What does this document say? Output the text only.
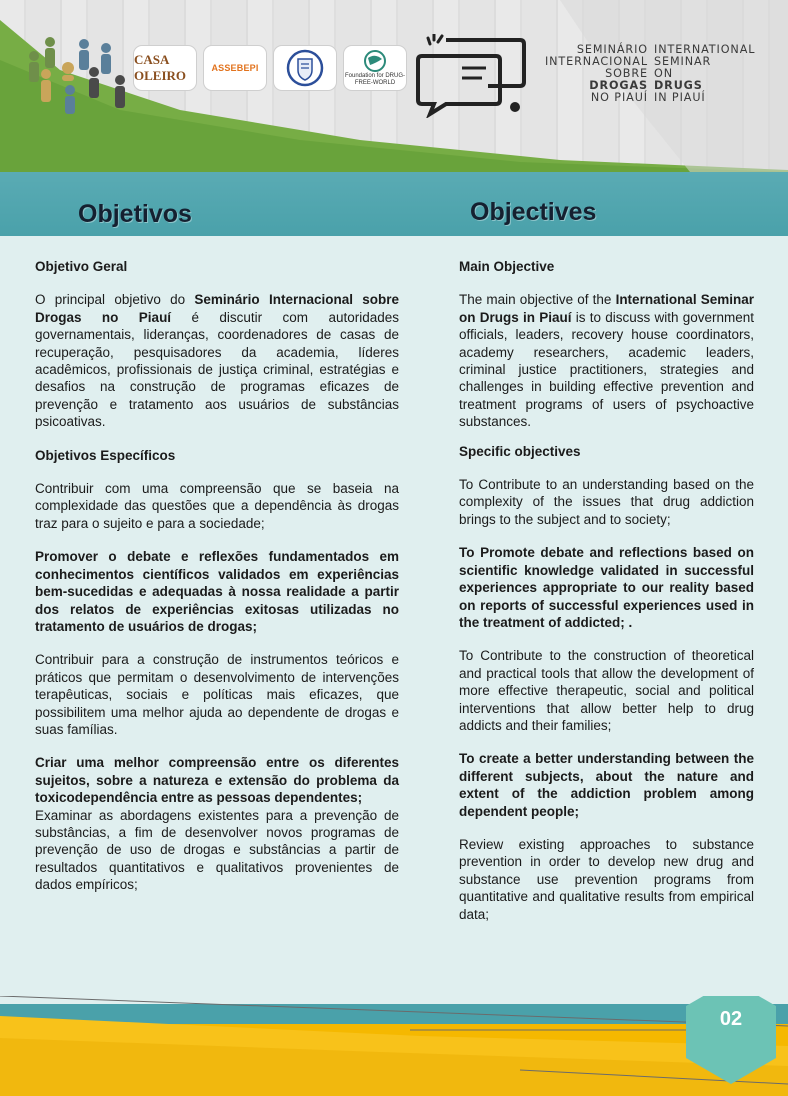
CASA OLEIRO	ASSEBEPI
Foundation for DRUG-FREE-WORLD
SEMINÁRIO INTERNATIONAL
INTERNACIONAL SEMINAR
SOBRE ON
DROGAS DRUGS
NO PIAUÍ IN PIAUÍ
Objetivos	Objectives

Objetivo Geral

O principal objetivo do Seminário Internacional sobre Drogas no Piauí é discutir com autoridades governamentais, lideranças, coordenadores de casas de recuperação, pesquisadores da academia, líderes acadêmicos, profissionais de justiça criminal, estratégias e desafios na construção de programas eficazes de prevenção e tratamento aos usuários de substâncias psicoativas.

Objetivos Específicos

Contribuir com uma compreensão que se baseia na complexidade das questões que a dependência às drogas traz para o sujeito e para a sociedade;

Promover o debate e reflexões fundamentados em conhecimentos científicos validados em experiências bem-sucedidas e adequadas à nossa realidade a partir dos relatos de experiências exitosas utilizadas no tratamento de usuários de drogas;

Contribuir para a construção de instrumentos teóricos e práticos que permitam o desenvolvimento de intervenções terapêuticas, sociais e políticas mais eficazes, que possibilitem uma melhor ajuda ao dependente de drogas e suas famílias.

Criar uma melhor compreensão entre os diferentes sujeitos, sobre a natureza e extensão do problema da toxicodependência entre as pessoas dependentes;

Examinar as abordagens existentes para a prevenção de substâncias, a fim de desenvolver novos programas de prevenção de uso de drogas e substâncias a partir de resultados quantitativos e qualitativos provenientes de dados empíricos;

Main Objective

The main objective of the International Seminar on Drugs in Piauí is to discuss with government officials, leaders, recovery house coordinators, academy researchers, academic leaders, criminal justice practitioners, strategies and challenges in building effective prevention and treatment programs of users of psychoactive substances.

Specific objectives

To Contribute to an understanding based on the complexity of the issues that drug addiction brings to the subject and to society;

To Promote debate and reflections based on scientific knowledge validated in successful experiences appropriate to our reality based on reports of successful experiences used in the treatment of addicted; .

To Contribute to the construction of theoretical and practical tools that allow the development of more effective therapeutic, social and political interventions that allow better help to drug addicts and their families;

To create a better understanding between the different subjects, about the nature and extent of the addiction problem among dependent people;

Review existing approaches to substance prevention in order to develop new drug and substance use prevention programs from quantitative and qualitative results from empirical data;

02
